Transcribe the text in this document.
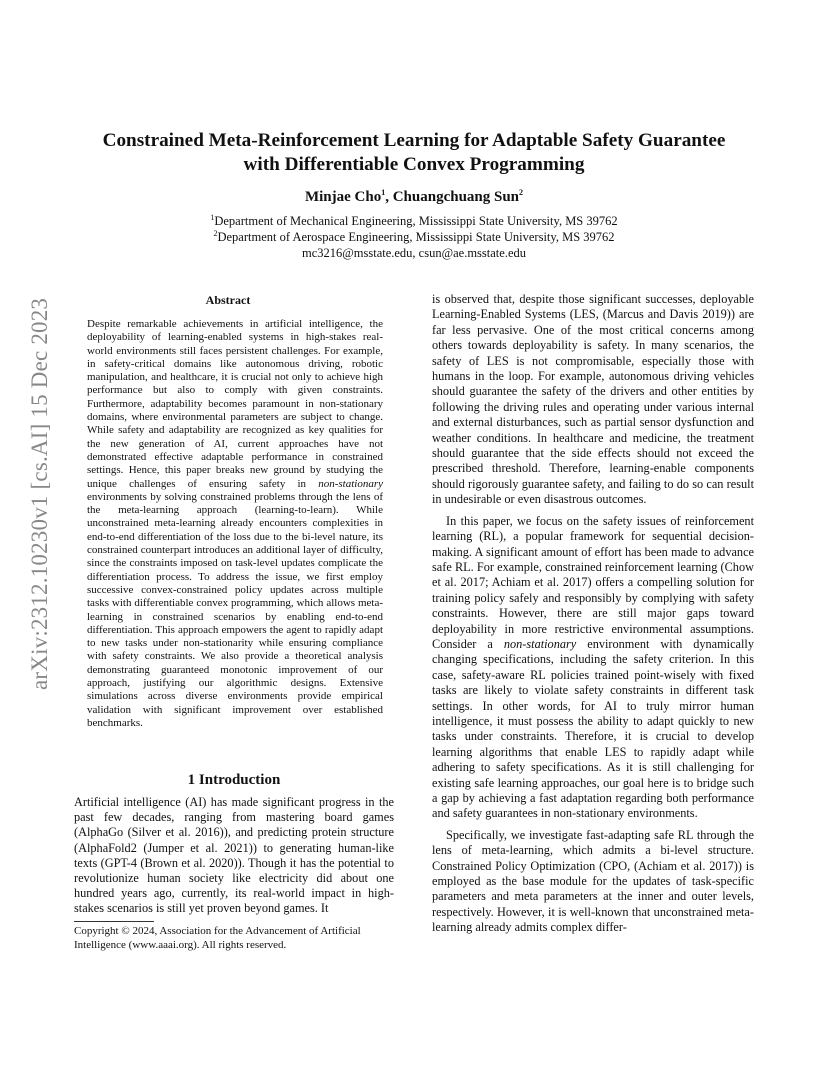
arXiv:2312.10230v1 [cs.AI] 15 Dec 2023
Constrained Meta-Reinforcement Learning for Adaptable Safety Guarantee
with Differentiable Convex Programming
Minjae Cho$^1$, Chuangchuang Sun$^2$
$^1$Department of Mechanical Engineering, Mississippi State University, MS 39762
$^2$Department of Aerospace Engineering, Mississippi State University, MS 39762
mc3216@msstate.edu, csun@ae.msstate.edu
Abstract
Despite remarkable achievements in artificial intelligence, the deployability of learning-enabled systems in high-stakes real-world environments still faces persistent challenges. For example, in safety-critical domains like autonomous driving, robotic manipulation, and healthcare, it is crucial not only to achieve high performance but also to comply with given constraints. Furthermore, adaptability becomes paramount in non-stationary domains, where environmental parameters are subject to change. While safety and adaptability are recognized as key qualities for the new generation of AI, current approaches have not demonstrated effective adaptable performance in constrained settings. Hence, this paper breaks new ground by studying the unique challenges of ensuring safety in non-stationary environments by solving constrained problems through the lens of the meta-learning approach (learning-to-learn). While unconstrained meta-learning already encounters complexities in end-to-end differentiation of the loss due to the bi-level nature, its constrained counterpart introduces an additional layer of difficulty, since the constraints imposed on task-level updates complicate the differentiation process. To address the issue, we first employ successive convex-constrained policy updates across multiple tasks with differentiable convex programming, which allows meta-learning in constrained scenarios by enabling end-to-end differentiation. This approach empowers the agent to rapidly adapt to new tasks under non-stationarity while ensuring compliance with safety constraints. We also provide a theoretical analysis demonstrating guaranteed monotonic improvement of our approach, justifying our algorithmic designs. Extensive simulations across diverse environments provide empirical validation with significant improvement over established benchmarks.
1 Introduction
Artificial intelligence (AI) has made significant progress in the past few decades, ranging from mastering board games (AlphaGo (Silver et al. 2016)), and predicting protein structure (AlphaFold2 (Jumper et al. 2021)) to generating human-like texts (GPT-4 (Brown et al. 2020)). Though it has the potential to revolutionize human society like electricity did about one hundred years ago, currently, its real-world impact in high-stakes scenarios is still yet proven beyond games. It
Copyright © 2024, Association for the Advancement of Artificial Intelligence (www.aaai.org). All rights reserved.

is observed that, despite those significant successes, deployable Learning-Enabled Systems (LES, (Marcus and Davis 2019)) are far less pervasive. One of the most critical concerns among others towards deployability is safety. In many scenarios, the safety of LES is not compromisable, especially those with humans in the loop. For example, autonomous driving vehicles should guarantee the safety of the drivers and other entities by following the driving rules and operating under various internal and external disturbances, such as partial sensor dysfunction and weather conditions. In healthcare and medicine, the treatment should guarantee that the side effects should not exceed the prescribed threshold. Therefore, learning-enable components should rigorously guarantee safety, and failing to do so can result in undesirable or even disastrous outcomes.

In this paper, we focus on the safety issues of reinforcement learning (RL), a popular framework for sequential decision-making. A significant amount of effort has been made to advance safe RL. For example, constrained reinforcement learning (Chow et al. 2017; Achiam et al. 2017) offers a compelling solution for training policy safely and responsibly by complying with safety constraints. However, there are still major gaps toward deployability in more restrictive environmental assumptions. Consider a non-stationary environment with dynamically changing specifications, including the safety criterion. In this case, safety-aware RL policies trained point-wisely with fixed tasks are likely to violate safety constraints in different task settings. In other words, for AI to truly mirror human intelligence, it must possess the ability to adapt quickly to new tasks under constraints. Therefore, it is crucial to develop learning algorithms that enable LES to rapidly adapt while adhering to safety specifications. As it is still challenging for existing safe learning approaches, our goal here is to bridge such a gap by achieving a fast adaptation regarding both performance and safety guarantees in non-stationary environments.

Specifically, we investigate fast-adapting safe RL through the lens of meta-learning, which admits a bi-level structure. Constrained Policy Optimization (CPO, (Achiam et al. 2017)) is employed as the base module for the updates of task-specific parameters and meta parameters at the inner and outer levels, respectively. However, it is well-known that unconstrained meta-learning already admits complex differ-
